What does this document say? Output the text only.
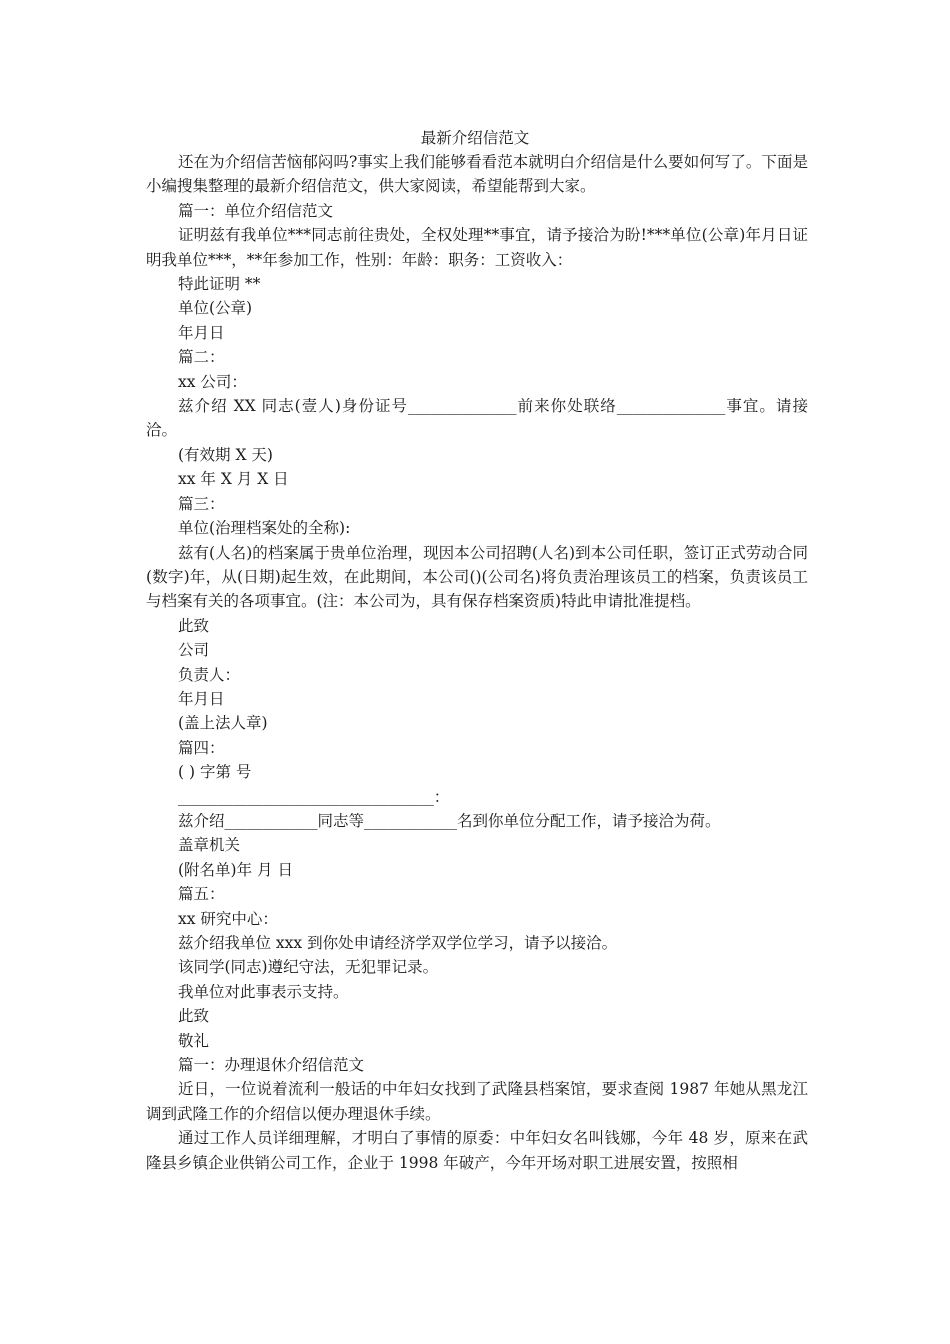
最新介绍信范文

还在为介绍信苦恼郁闷吗?事实上我们能够看看范本就明白介绍信是什么要如何写了。下面是小编搜集整理的最新介绍信范文，供大家阅读，希望能帮到大家。

篇一：单位介绍信范文

证明兹有我单位***同志前往贵处，全权处理**事宜，请予接洽为盼!***单位(公章)年月日证明我单位***，**年参加工作，性别：年龄：职务：工资收入：

特此证明 **

单位(公章)

年月日

篇二：

xx 公司：

兹介绍 XX 同志(壹人)身份证号______________前来你处联络______________事宜。请接洽。

(有效期 X 天)

xx 年 X 月 X 日

篇三：

单位(治理档案处的全称):

兹有(人名)的档案属于贵单位治理，现因本公司招聘(人名)到本公司任职，签订正式劳动合同(数字)年，从(日期)起生效，在此期间，本公司()(公司名)将负责治理该员工的档案，负责该员工与档案有关的各项事宜。(注：本公司为，具有保存档案资质)特此申请批准提档。

此致

公司

负责人：

年月日

(盖上法人章)

篇四：

( ) 字第 号

_________________________________：

兹介绍____________同志等____________名到你单位分配工作，请予接洽为荷。

盖章机关

(附名单)年 月 日

篇五：

xx 研究中心：

兹介绍我单位 xxx 到你处申请经济学双学位学习，请予以接洽。

该同学(同志)遵纪守法，无犯罪记录。

我单位对此事表示支持。

此致

敬礼

篇一：办理退休介绍信范文

近日，一位说着流利一般话的中年妇女找到了武隆县档案馆，要求查阅 1987 年她从黑龙江调到武隆工作的介绍信以便办理退休手续。

通过工作人员详细理解，才明白了事情的原委：中年妇女名叫钱娜，今年 48 岁，原来在武隆县乡镇企业供销公司工作，企业于 1998 年破产，今年开场对职工进展安置，按照相
